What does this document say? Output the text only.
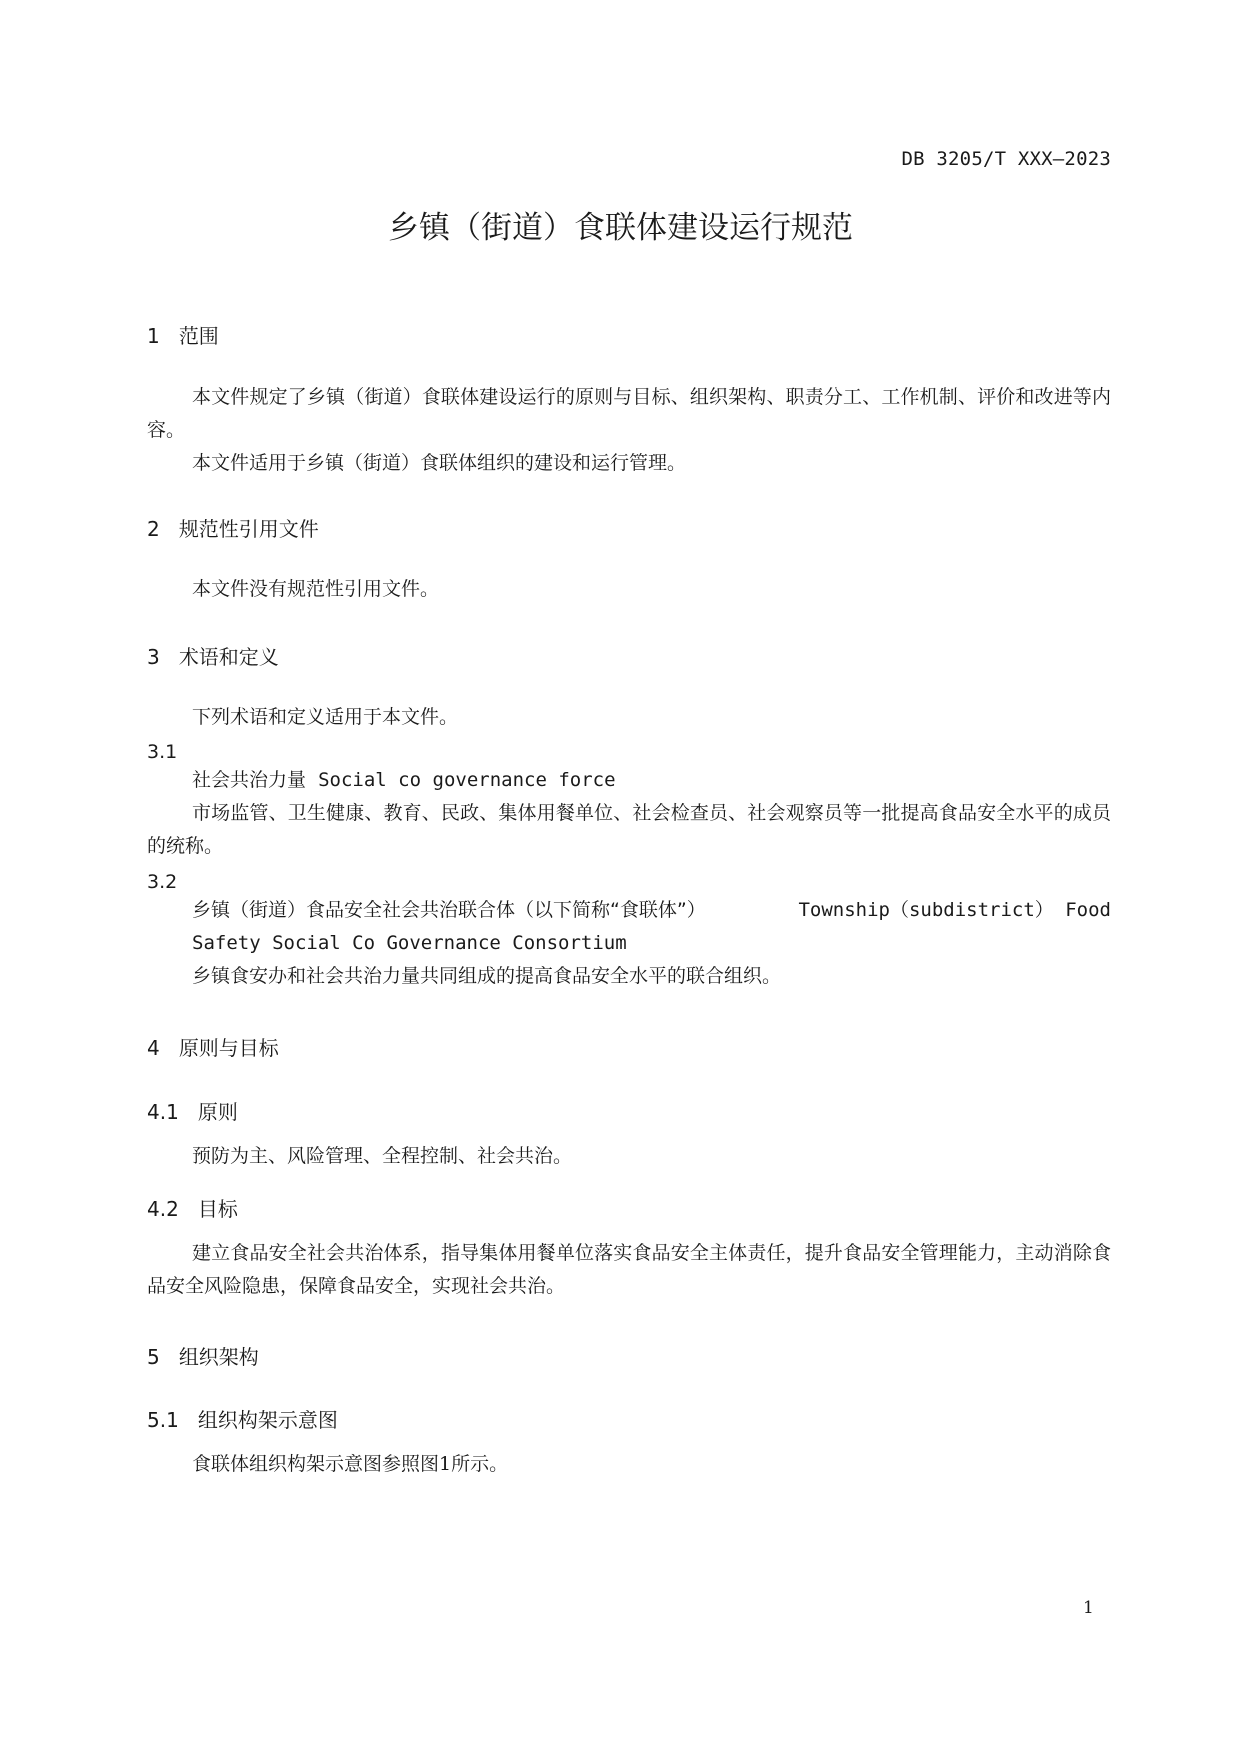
DB 3205/T XXX—2023
乡镇（街道）食联体建设运行规范

1 范围

本文件规定了乡镇（街道）食联体建设运行的原则与目标、组织架构、职责分工、工作机制、评价和改进等内容。

本文件适用于乡镇（街道）食联体组织的建设和运行管理。

2 规范性引用文件

本文件没有规范性引用文件。

3 术语和定义

下列术语和定义适用于本文件。

3.1

社会共治力量 Social co governance force

市场监管、卫生健康、教育、民政、集体用餐单位、社会检查员、社会观察员等一批提高食品安全水平的成员的统称。

3.2

乡镇（街道）食品安全社会共治联合体（以下简称“食联体”）	Township（subdistrict） Food

Safety Social Co Governance Consortium

乡镇食安办和社会共治力量共同组成的提高食品安全水平的联合组织。

4 原则与目标

4.1 原则

预防为主、风险管理、全程控制、社会共治。

4.2 目标

建立食品安全社会共治体系，指导集体用餐单位落实食品安全主体责任，提升食品安全管理能力，主动消除食品安全风险隐患，保障食品安全，实现社会共治。

5 组织架构

5.1 组织构架示意图

食联体组织构架示意图参照图1所示。

1
